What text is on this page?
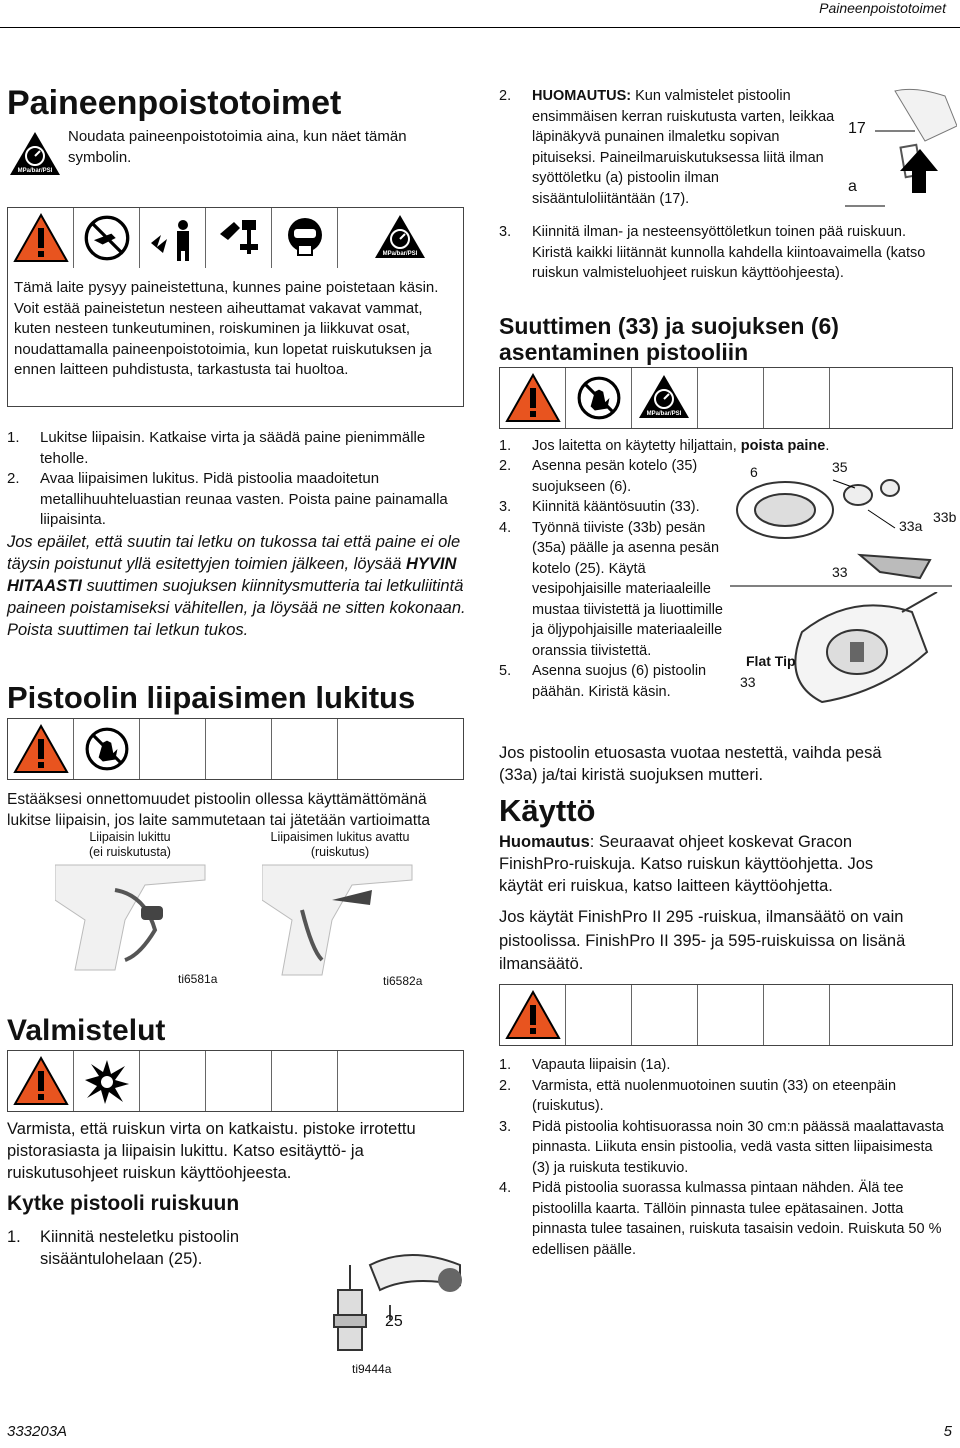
Paineenpoistotoimet
Paineenpoistotoimet
Noudata paineenpoistotoimia aina, kun näet tämän symbolin.
Tämä laite pysyy paineistettuna, kunnes paine poistetaan käsin. Voit estää paineistetun nesteen aiheuttamat vakavat vammat, kuten nesteen tunkeutuminen, roiskuminen ja liikkuvat osat, noudattamalla paineenpoistotoimia, kun lopetat ruiskutuksen ja ennen laitteen puhdistusta, tarkastusta tai huoltoa.
1. Lukitse liipaisin. Katkaise virta ja säädä paine pienimmälle teholle.
2. Avaa liipaisimen lukitus. Pidä pistoolia maadoitetun metallihuuhteluastian reunaa vasten. Poista paine painamalla liipaisinta.
Jos epäilet, että suutin tai letku on tukossa tai että paine ei ole täysin poistunut yllä esitettyjen toimien jälkeen, löysää HYVIN HITAASTI suuttimen suojuksen kiinnitysmutteria tai letkuliitintä paineen poistamiseksi vähitellen, ja löysää ne sitten kokonaan. Poista suuttimen tai letkun tukos.
Pistoolin liipaisimen lukitus
Estääksesi onnettomuudet pistoolin ollessa käyttämättömänä lukitse liipaisin, jos laite sammutetaan tai jätetään vartioimatta
Liipaisin lukittu
(ei ruiskutusta)
Liipaisimen lukitus avattu
(ruiskutus)
ti6581a	ti6582a
Valmistelut
Varmista, että ruiskun virta on katkaistu. pistoke irrotettu pistorasiasta ja liipaisin lukittu. Katso esitäyttö- ja ruiskutusohjeet ruiskun käyttöohjeesta.
Kytke pistooli ruiskuun
1. Kiinnitä nesteletku pistoolin sisääntulohelaan (25).
25
ti9444a
2. HUOMAUTUS: Kun valmistelet pistoolin ensimmäisen kerran ruiskutusta varten, leikkaa läpinäkyvä punainen ilmaletku sopivan pituiseksi. Paineilmaruiskutuksessa liitä ilman syöttöletku (a) pistoolin ilman sisääntuloliitäntään (17).
17
a
3. Kiinnitä ilman- ja nesteensyöttöletkun toinen pää ruiskuun. Kiristä kaikki liitännät kunnolla kahdella kiintoavaimella (katso ruiskun valmisteluohjeet ruiskun käyttöohjeesta).
Suuttimen (33) ja suojuksen (6) asentaminen pistooliin
1. Jos laitetta on käytetty hiljattain, poista paine.
2. Asenna pesän kotelo (35) suojukseen (6).
3. Kiinnitä kääntösuutin (33).
4. Työnnä tiiviste (33b) pesän (35a) päälle ja asenna pesän kotelo (25). Käytä vesipohjaisille materiaaleille mustaa tiivistettä ja liuottimille ja öljypohjaisille materiaaleille oranssia tiivistettä.
5. Asenna suojus (6) pistoolin päähän. Kiristä käsin.
6	35
33a
33b
33
Flat Tip
33
Jos pistoolin etuosasta vuotaa nestettä, vaihda pesä (33a) ja/tai kiristä suojuksen mutteri.
Käyttö
Huomautus: Seuraavat ohjeet koskevat Gracon FinishPro-ruiskuja. Katso ruiskun käyttöohjetta. Jos käytät eri ruiskua, katso laitteen käyttöohjetta.
Jos käytät FinishPro II 295 -ruiskua, ilmansäätö on vain pistoolissa. FinishPro II 395- ja 595-ruiskuissa on lisänä ilmansäätö.
1. Vapauta liipaisin (1a).
2. Varmista, että nuolenmuotoinen suutin (33) on eteenpäin (ruiskutus).
3. Pidä pistoolia kohtisuorassa noin 30 cm:n päässä maalattavasta pinnasta. Liikuta ensin pistoolia, vedä vasta sitten liipaisimesta (3) ja ruiskuta testikuvio.
4. Pidä pistoolia suorassa kulmassa pintaan nähden. Älä tee pistoolilla kaarta. Tällöin pinnasta tulee epätasainen. Jotta pinnasta tulee tasainen, ruiskuta tasaisin vedoin. Ruiskuta 50 % edellisen päälle.
333203A	5
